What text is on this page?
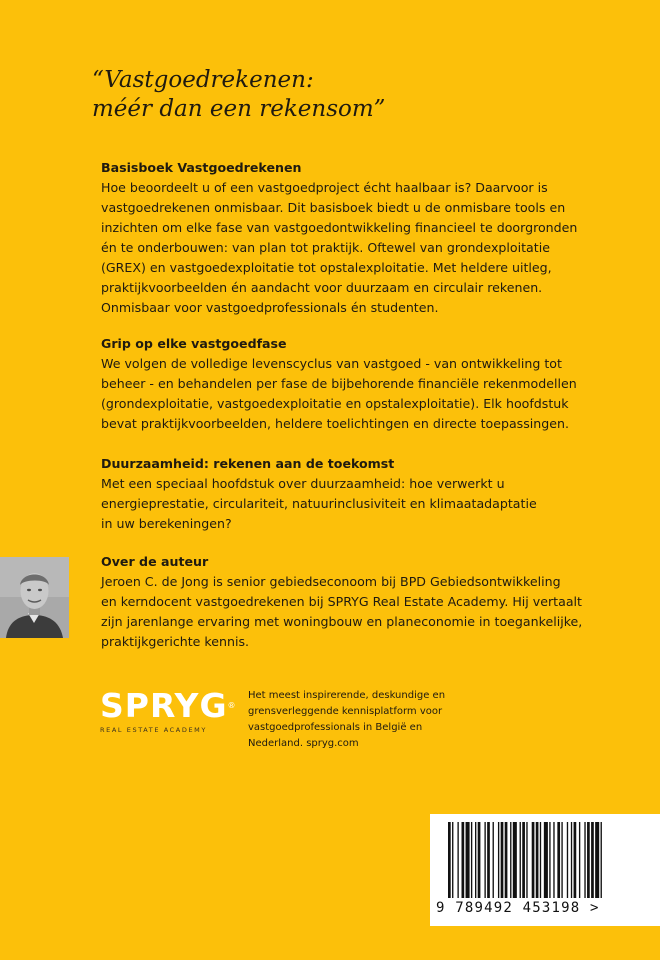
“Vastgoedrekenen:
méér dan een rekensom”
Basisboek Vastgoedrekenen

Hoe beoordeelt u of een vastgoedproject écht haalbaar is? Daarvoor is
vastgoedrekenen onmisbaar. Dit basisboek biedt u de onmisbare tools en
inzichten om elke fase van vastgoedontwikkeling financieel te doorgronden
én te onderbouwen: van plan tot praktijk. Oftewel van grondexploitatie
(GREX) en vastgoedexploitatie tot opstalexploitatie. Met heldere uitleg,
praktijkvoorbeelden én aandacht voor duurzaam en circulair rekenen.
Onmisbaar voor vastgoedprofessionals én studenten.

Grip op elke vastgoedfase

We volgen de volledige levenscyclus van vastgoed - van ontwikkeling tot
beheer - en behandelen per fase de bijbehorende financiële rekenmodellen
(grondexploitatie, vastgoedexploitatie en opstalexploitatie). Elk hoofdstuk
bevat praktijkvoorbeelden, heldere toelichtingen en directe toepassingen.

Duurzaamheid: rekenen aan de toekomst

Met een speciaal hoofdstuk over duurzaamheid: hoe verwerkt u
energieprestatie, circulariteit, natuurinclusiviteit en klimaatadaptatie
in uw berekeningen?

Over de auteur

Jeroen C. de Jong is senior gebiedseconoom bij BPD Gebiedsontwikkeling
en kerndocent vastgoedrekenen bij SPRYG Real Estate Academy. Hij vertaalt
zijn jarenlange ervaring met woningbouw en planeconomie in toegankelijke,
praktijkgerichte kennis.

SPRYG®
REAL ESTATE ACADEMY
Het meest inspirerende, deskundige en
grensverleggende kennisplatform voor
vastgoedprofessionals in België en
Nederland. spryg.com
9 789492 453198 >
